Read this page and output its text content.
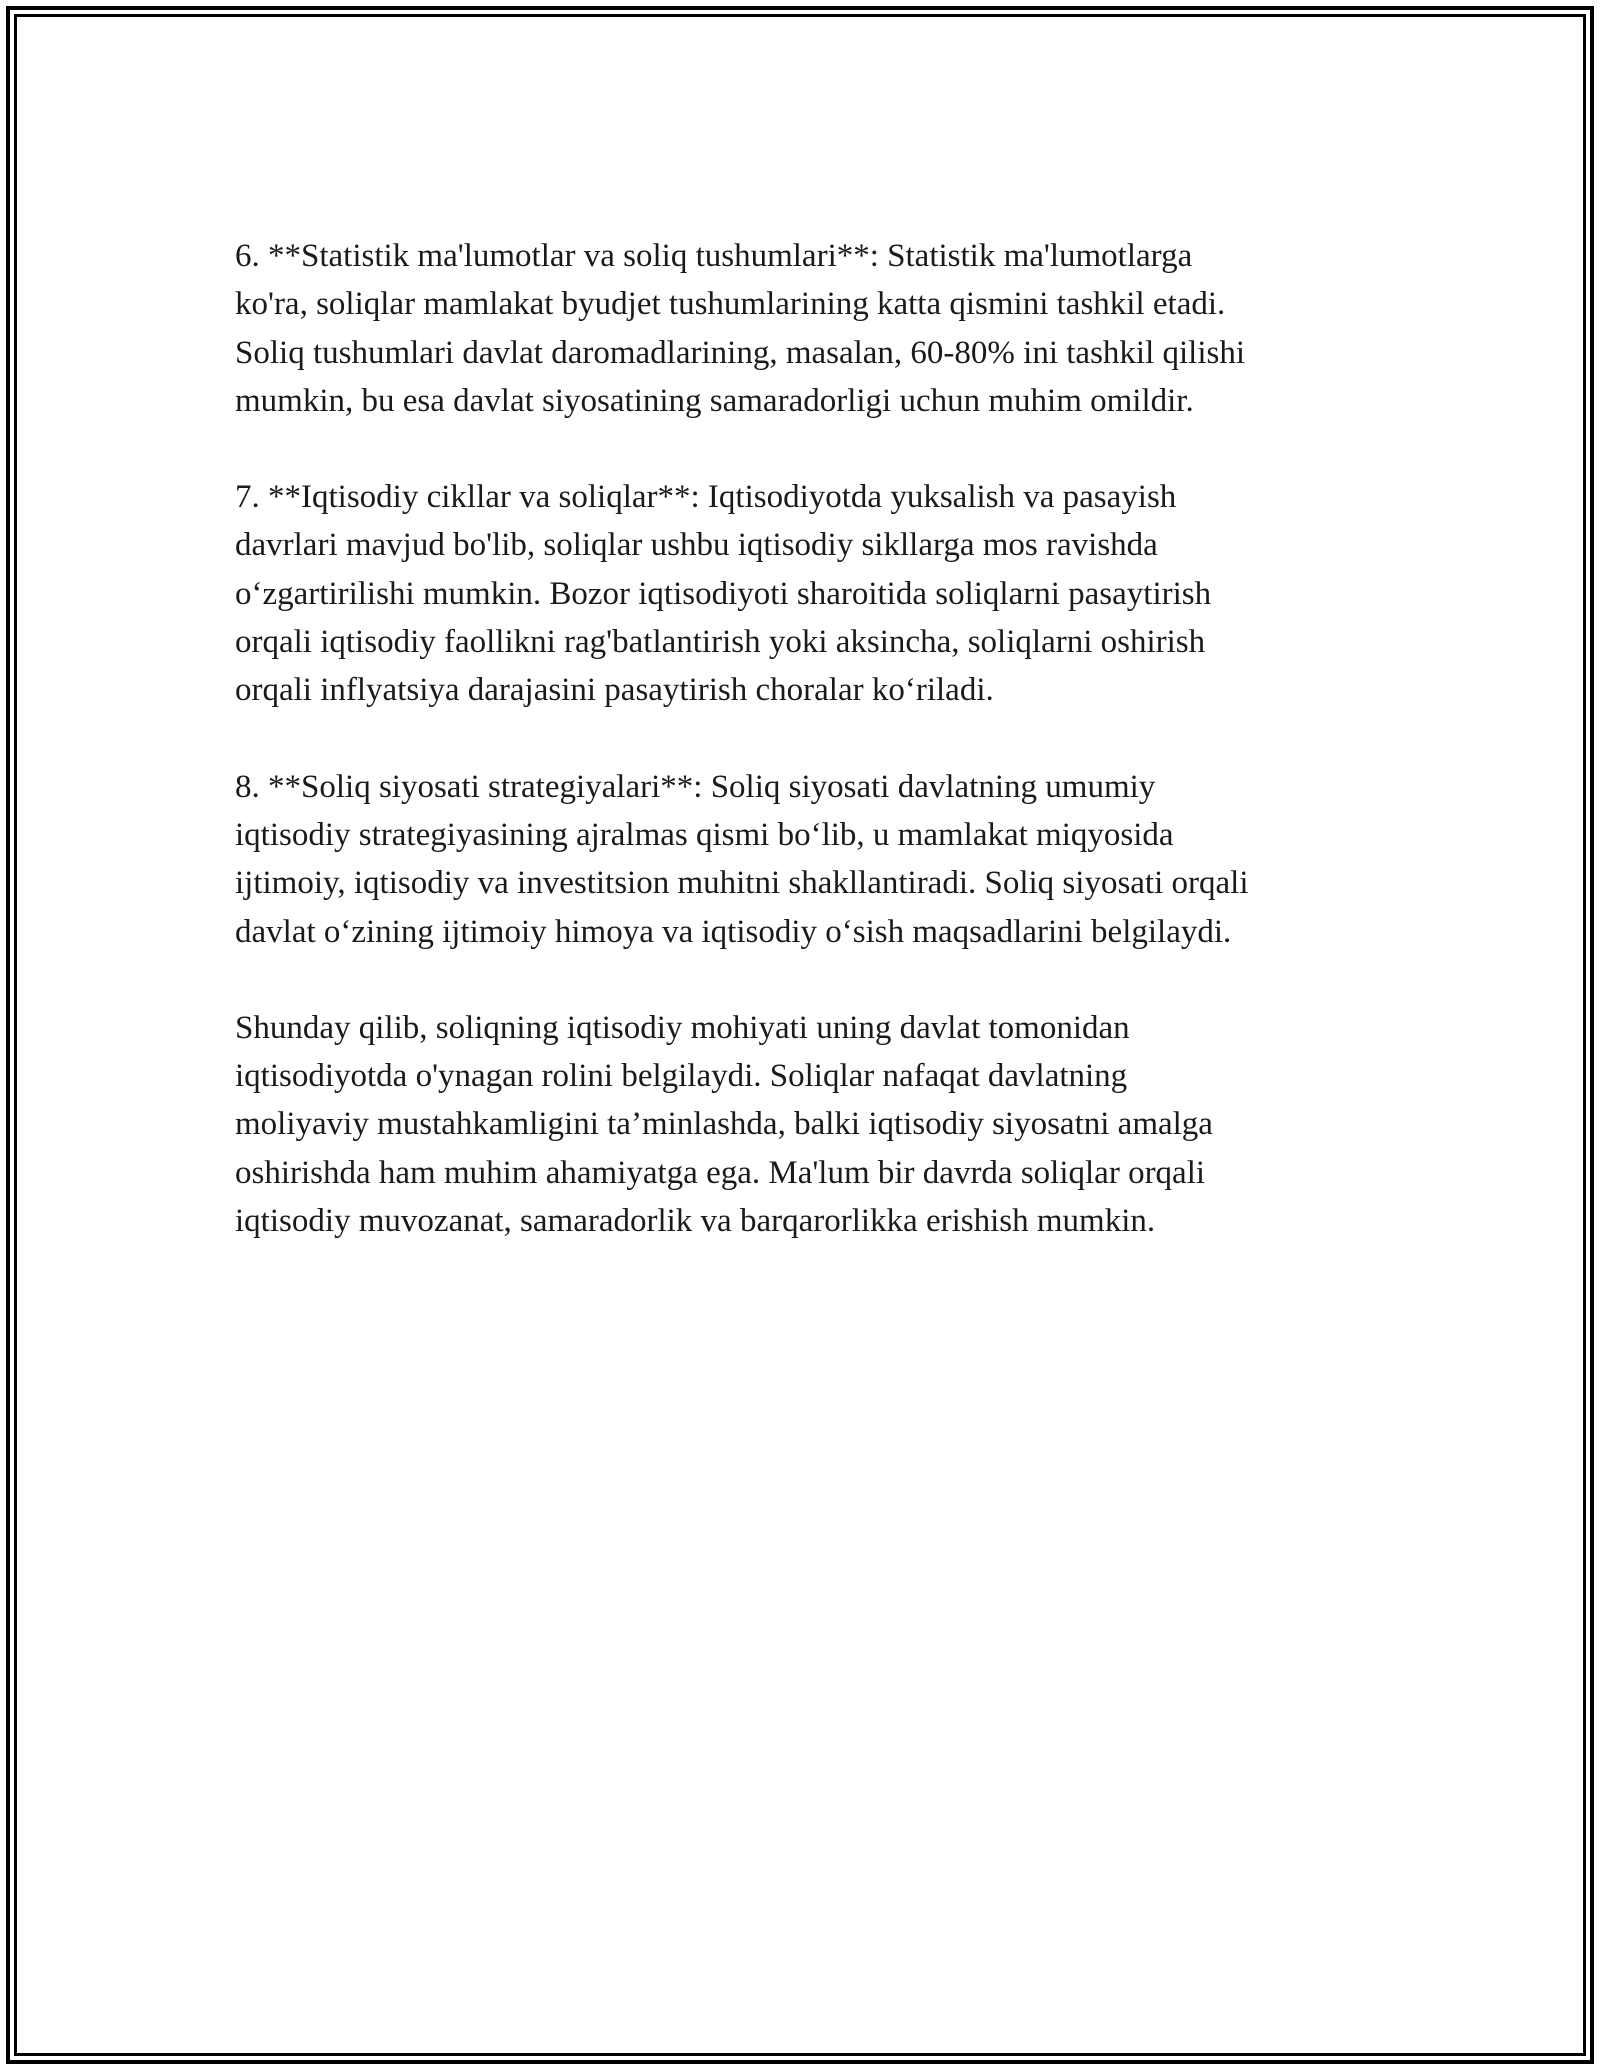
6. **Statistik ma'lumotlar va soliq tushumlari**: Statistik ma'lumotlarga
ko'ra, soliqlar mamlakat byudjet tushumlarining katta qismini tashkil etadi.
Soliq tushumlari davlat daromadlarining, masalan, 60-80% ini tashkil qilishi
mumkin, bu esa davlat siyosatining samaradorligi uchun muhim omildir.

7. **Iqtisodiy cikllar va soliqlar**: Iqtisodiyotda yuksalish va pasayish
davrlari mavjud bo'lib, soliqlar ushbu iqtisodiy sikllarga mos ravishda
o‘zgartirilishi mumkin. Bozor iqtisodiyoti sharoitida soliqlarni pasaytirish
orqali iqtisodiy faollikni rag'batlantirish yoki aksincha, soliqlarni oshirish
orqali inflyatsiya darajasini pasaytirish choralar ko‘riladi.

8. **Soliq siyosati strategiyalari**: Soliq siyosati davlatning umumiy
iqtisodiy strategiyasining ajralmas qismi bo‘lib, u mamlakat miqyosida
ijtimoiy, iqtisodiy va investitsion muhitni shakllantiradi. Soliq siyosati orqali
davlat o‘zining ijtimoiy himoya va iqtisodiy o‘sish maqsadlarini belgilaydi.

Shunday qilib, soliqning iqtisodiy mohiyati uning davlat tomonidan
iqtisodiyotda o'ynagan rolini belgilaydi. Soliqlar nafaqat davlatning
moliyaviy mustahkamligini ta’minlashda, balki iqtisodiy siyosatni amalga
oshirishda ham muhim ahamiyatga ega. Ma'lum bir davrda soliqlar orqali
iqtisodiy muvozanat, samaradorlik va barqarorlikka erishish mumkin.
